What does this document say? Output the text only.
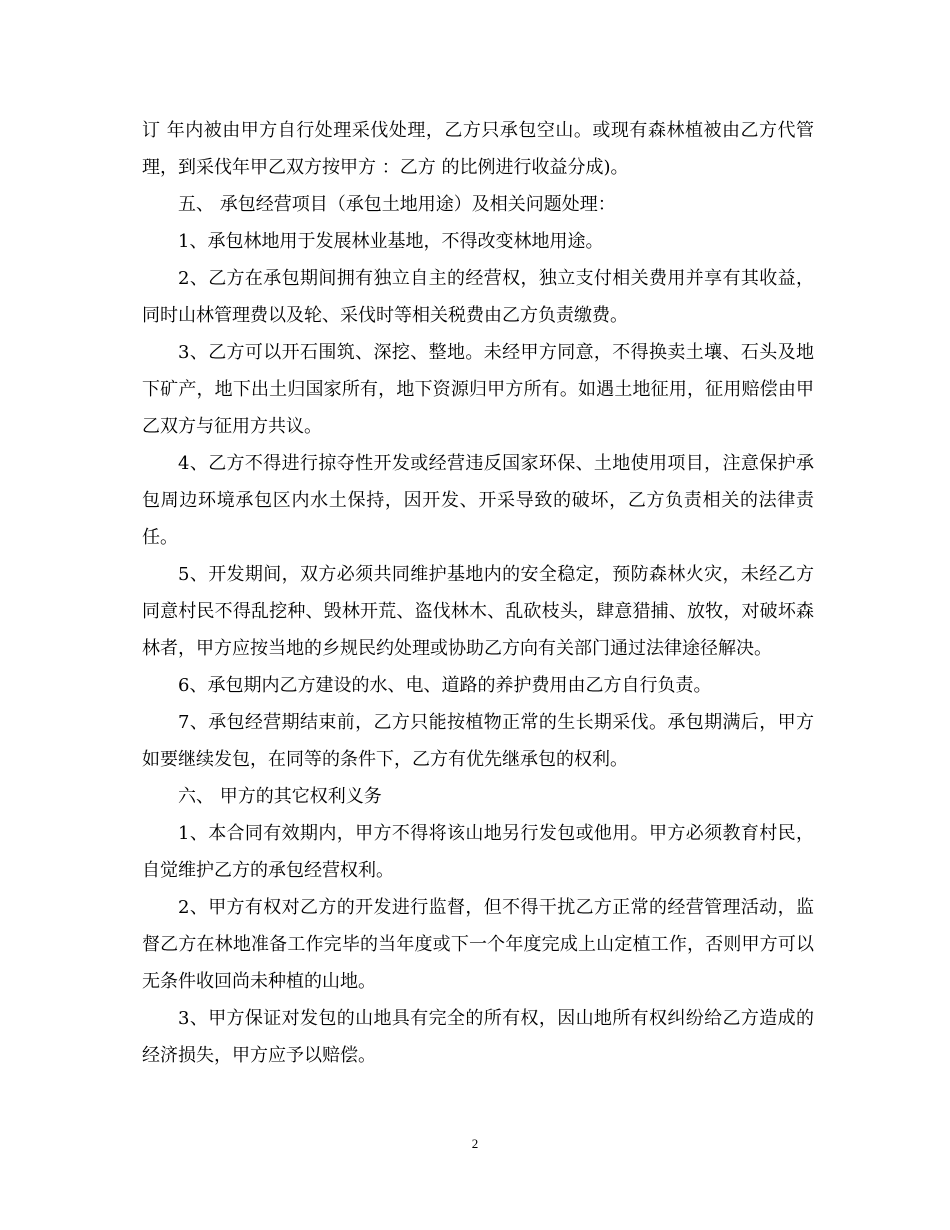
订 年内被由甲方自行处理采伐处理，乙方只承包空山。或现有森林植被由乙方代管理，到采伐年甲乙双方按甲方 ：乙方 的比例进行收益分成)。

五、 承包经营项目（承包土地用途）及相关问题处理：

1、承包林地用于发展林业基地，不得改变林地用途。

2、乙方在承包期间拥有独立自主的经营权，独立支付相关费用并享有其收益，同时山林管理费以及轮、采伐时等相关税费由乙方负责缴费。

3、乙方可以开石围筑、深挖、整地。未经甲方同意，不得换卖土壤、石头及地下矿产，地下出土归国家所有，地下资源归甲方所有。如遇土地征用，征用赔偿由甲乙双方与征用方共议。

4、乙方不得进行掠夺性开发或经营违反国家环保、土地使用项目，注意保护承包周边环境承包区内水土保持，因开发、开采导致的破坏，乙方负责相关的法律责任。

5、开发期间，双方必须共同维护基地内的安全稳定，预防森林火灾，未经乙方同意村民不得乱挖种、毁林开荒、盗伐林木、乱砍枝头，肆意猎捕、放牧，对破坏森林者，甲方应按当地的乡规民约处理或协助乙方向有关部门通过法律途径解决。

6、承包期内乙方建设的水、电、道路的养护费用由乙方自行负责。

7、承包经营期结束前，乙方只能按植物正常的生长期采伐。承包期满后，甲方如要继续发包，在同等的条件下，乙方有优先继承包的权利。

六、 甲方的其它权利义务

1、本合同有效期内，甲方不得将该山地另行发包或他用。甲方必须教育村民，自觉维护乙方的承包经营权利。

2、甲方有权对乙方的开发进行监督，但不得干扰乙方正常的经营管理活动，监督乙方在林地准备工作完毕的当年度或下一个年度完成上山定植工作，否则甲方可以无条件收回尚未种植的山地。

3、甲方保证对发包的山地具有完全的所有权，因山地所有权纠纷给乙方造成的经济损失，甲方应予以赔偿。

2
